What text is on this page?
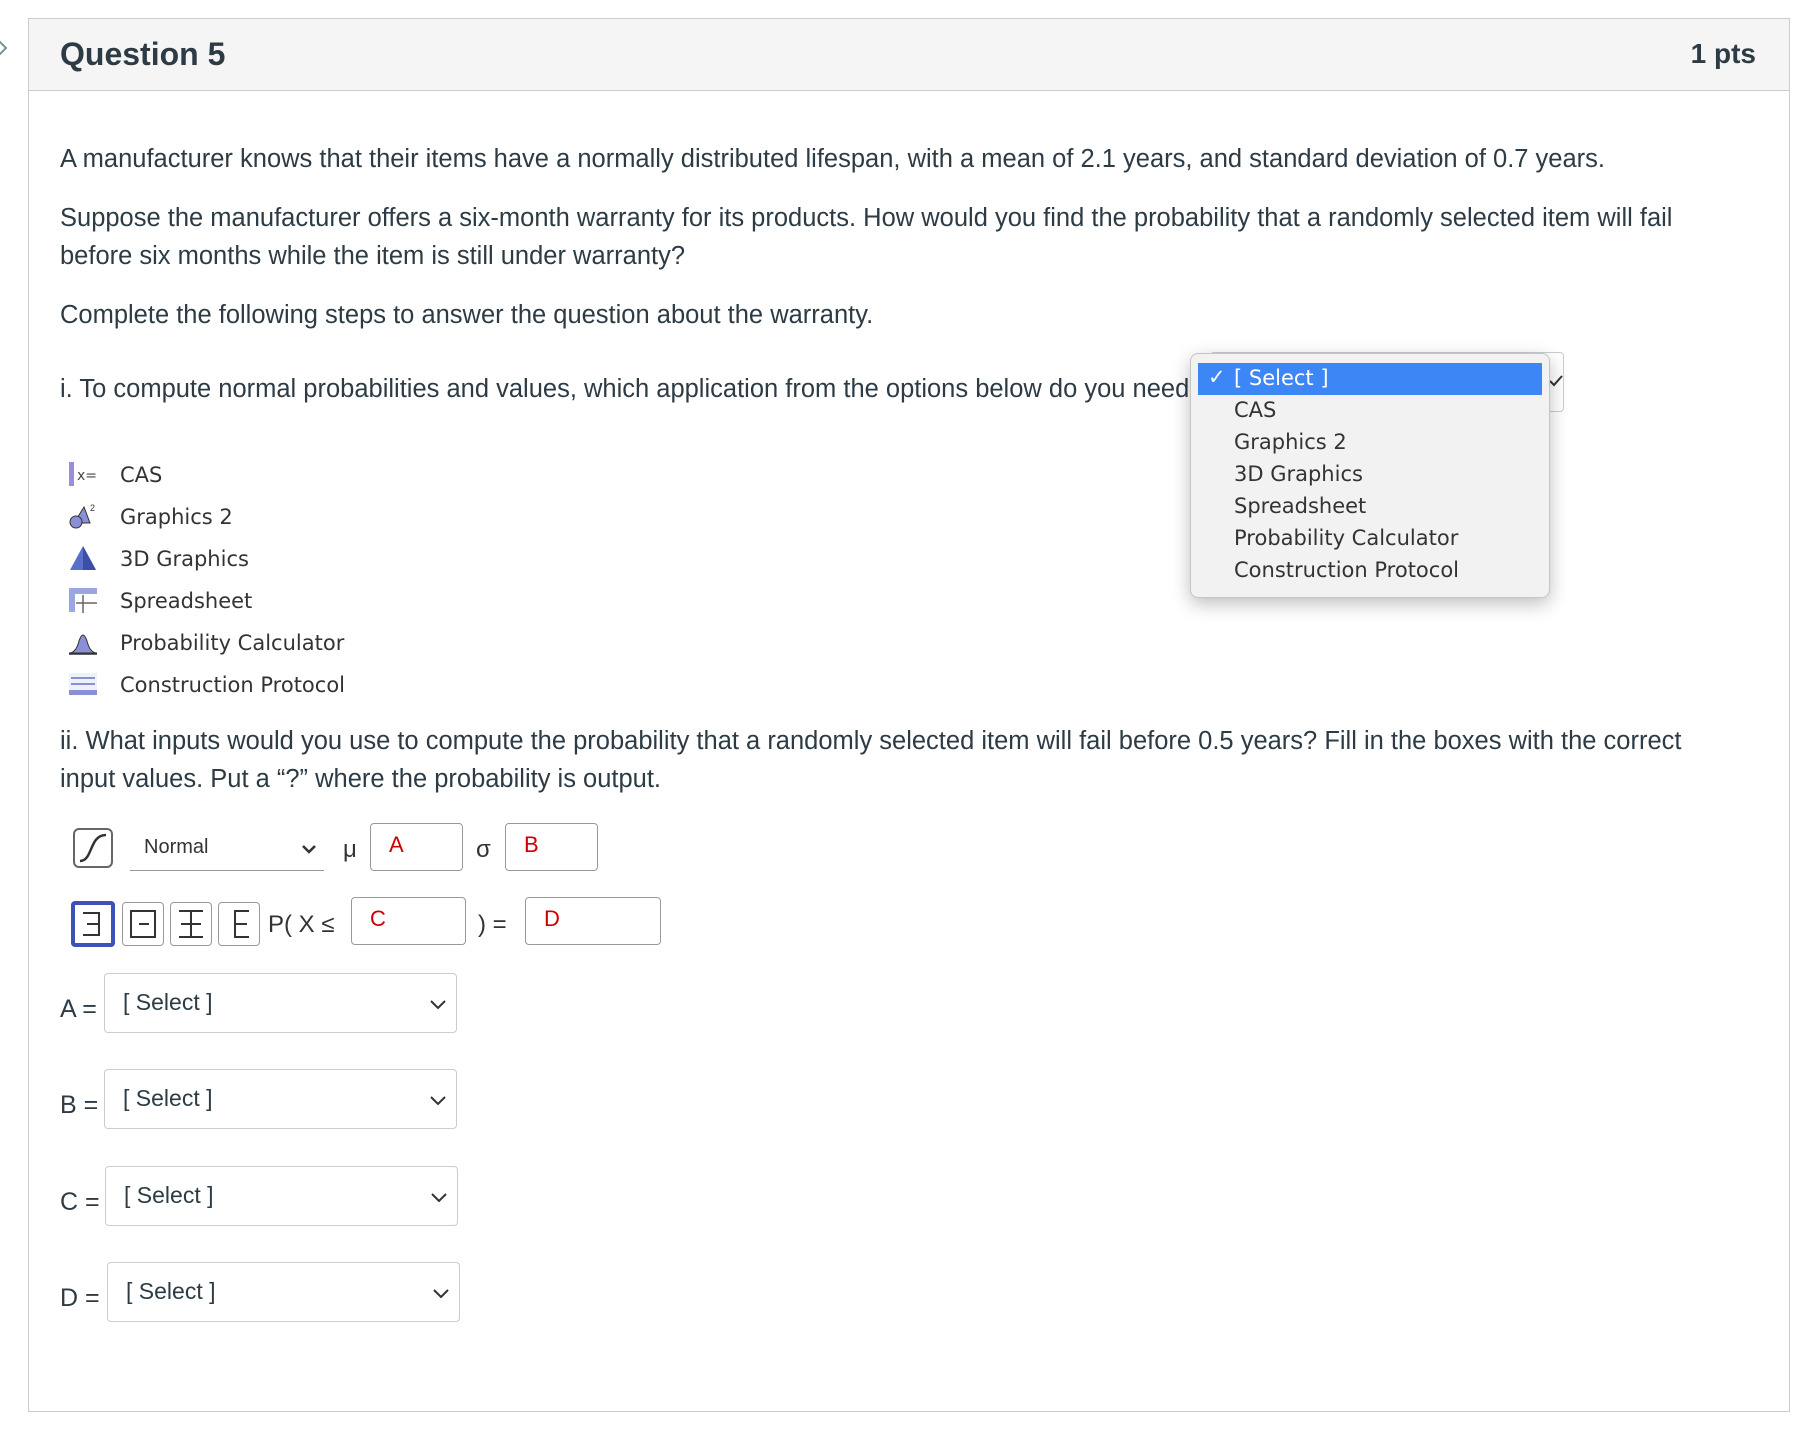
Question 5	1 pts
A manufacturer knows that their items have a normally distributed lifespan, with a mean of 2.1 years, and standard deviation of 0.7 years.
Suppose the manufacturer offers a six-month warranty for its products. How would you find the probability that a randomly selected item will fail before six months while the item is still under warranty?
Complete the following steps to answer the question about the warranty.
i. To compute normal probabilities and values, which application from the options below do you need
x= CAS
2 Graphics 2
3D Graphics
Spreadsheet
Probability Calculator
Construction Protocol
✓ [ Select ]
CAS
Graphics 2
3D Graphics
Spreadsheet
Probability Calculator
Construction Protocol
ii. What inputs would you use to compute the probability that a randomly selected item will fail before 0.5 years? Fill in the boxes with the correct input values. Put a “?” where the probability is output.
Normal	μ A	σ B
P( X ≤ C	) = D
A = [ Select ]
B = [ Select ]
C = [ Select ]
D = [ Select ]
